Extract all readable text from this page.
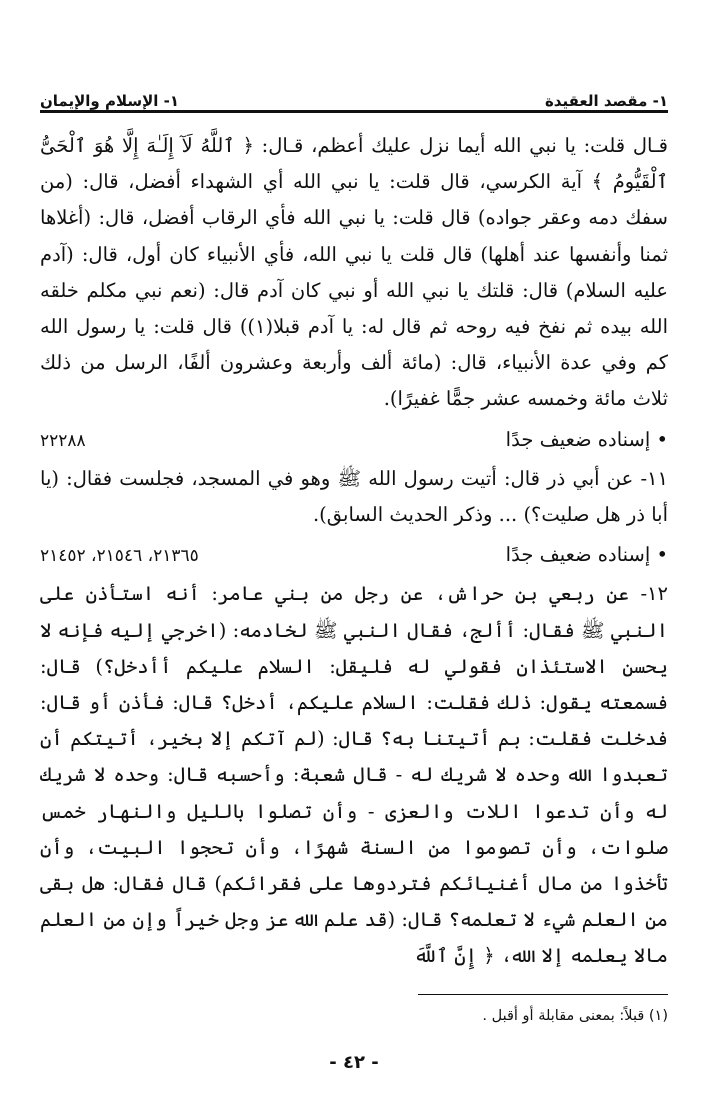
١- مقصد العقيدة
١- الإسلام والإيمان

قـال قلت: يا نبي الله أيما نزل عليك أعظم، قـال: ﴿ ٱللَّهُ لَآ إِلَـٰهَ إِلَّا هُوَ ٱلْحَىُّ ٱلْقَيُّومُ ﴾ آية الكرسي، قال قلت: يا نبي الله أي الشهداء أفضل، قال: (من سفك دمه وعقر جواده) قال قلت: يا نبي الله فأي الرقاب أفضل، قال: (أغلاها ثمنا وأنفسها عند أهلها) قال قلت يا نبي الله، فأي الأنبياء كان أول، قال: (آدم عليه السلام) قال: قلتك يا نبي الله أو نبي كان آدم قال: (نعم نبي مكلم خلقه الله بيده ثم نفخ فيه روحه ثم قال له: يا آدم قبلا(١)) قال قلت: يا رسول الله كم وفي عدة الأنبياء، قال: (مائة ألف وأربعة وعشرون ألفًا، الرسل من ذلك ثلاث مائة وخمسه عشر جمًّا غفيرًا).

• إسناده ضعيف جدًا
٢٢٢٨٨

١١- عن أبي ذر قال: أتيت رسول الله ﷺ وهو في المسجد، فجلست فقال: (يا أبا ذر هل صليت؟) ... وذكر الحديث السابق).

• إسناده ضعيف جدًا
٢١٣٦٥، ٢١٥٤٦، ٢١٤٥٢

١٢- عن ربعي بن حراش، عن رجل من بني عامر: أنه استأذن على النبي ﷺ فقال: أألج، فقال النبي ﷺ لخادمه: (اخرجي إليه فإنه لا يحسن الاستئذان فقولي له فليقل: السلام عليكم أأدخل؟) قال: فسمعته يقول: ذلك فقلت: السلام عليكم، أدخل؟ قال: فأذن أو قال: فدخلت فقلت: بم أتيتنا به؟ قال: (لم آتكم إلا بخير، أتيتكم أن تعبدوا الله وحده لا شريك له - قال شعبة: وأحسبه قال: وحده لا شريك له وأن تدعوا اللات والعزى - وأن تصلوا بالليل والنهار خمس صلوات، وأن تصوموا من السنة شهرًا، وأن تحجوا البيت، وأن تأخذوا من مال أغنيائكم فتردوها على فقرائكم) قال فقال: هل بقى من العلم شيء لا تعلمه؟ قال: (قد علم الله عز وجل خيراً وإن من العلم مالا يعلمه إلا الله، ﴿ إِنَّ ٱللَّهَ

(١) قبلاً: بمعنى مقابلة أو أقبل .
- ٤٢ -
